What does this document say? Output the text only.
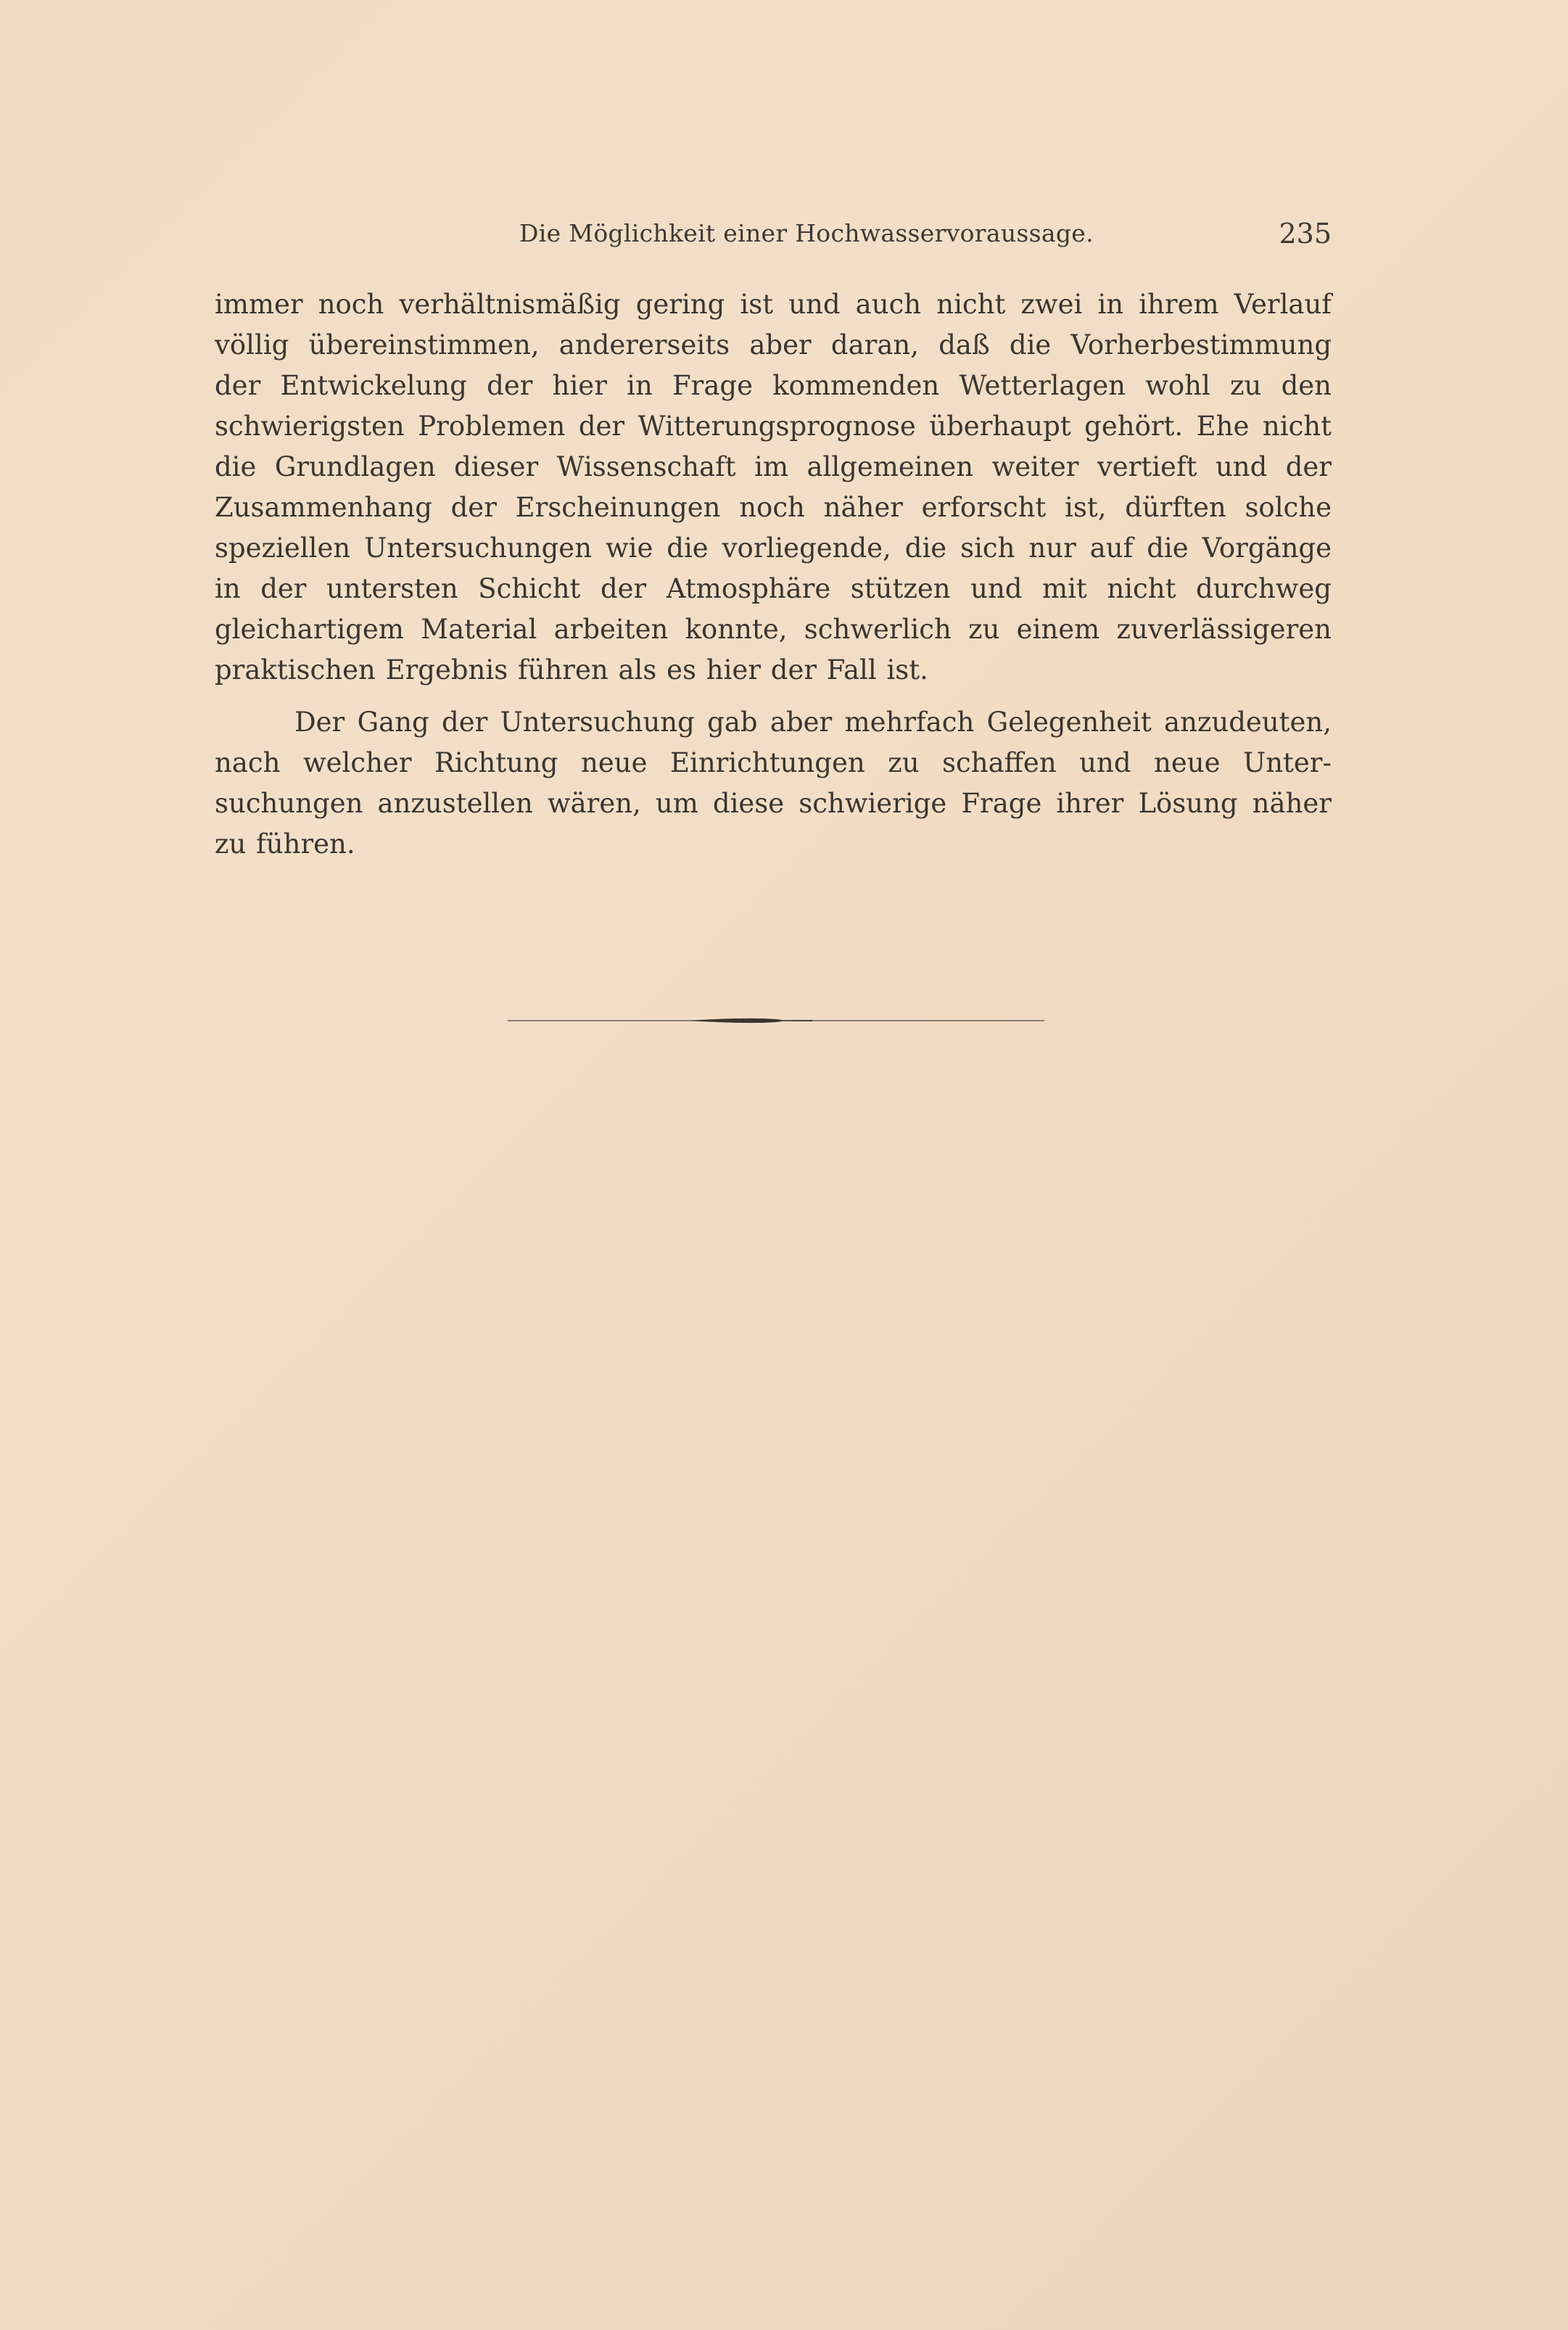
Die Möglichkeit einer Hochwasservoraussage.	235
immer noch verhältnismäßig gering ist und auch nicht zwei in ihrem Verlauf
völlig übereinstimmen, andererseits aber daran, daß die Vorherbestimmung
der Entwickelung der hier in Frage kommenden Wetterlagen wohl zu den
schwierigsten Problemen der Witterungsprognose überhaupt gehört. Ehe nicht
die Grundlagen dieser Wissenschaft im allgemeinen weiter vertieft und der
Zusammenhang der Erscheinungen noch näher erforscht ist, dürften solche
speziellen Untersuchungen wie die vorliegende, die sich nur auf die Vorgänge
in der untersten Schicht der Atmosphäre stützen und mit nicht durchweg
gleichartigem Material arbeiten konnte, schwerlich zu einem zuverlässigeren
praktischen Ergebnis führen als es hier der Fall ist.
Der Gang der Untersuchung gab aber mehrfach Gelegenheit anzudeuten,
nach welcher Richtung neue Einrichtungen zu schaffen und neue Unter-
suchungen anzustellen wären, um diese schwierige Frage ihrer Lösung näher
zu führen.
